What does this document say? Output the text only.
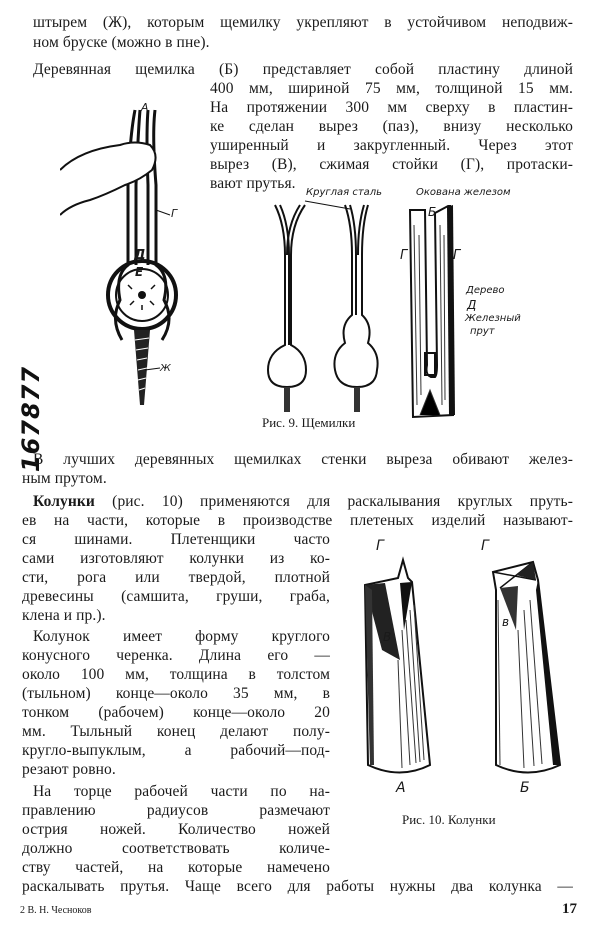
штырем (Ж), которым щемилку укрепляют в устойчивом неподвиж-
ном бруске (можно в пне).
Деревянная щемилка (Б) представляет собой пластину длиной
400 мм, шириной 75 мм, толщиной 15 мм.
На протяжении 300 мм сверху в пластин-
ке сделан вырез (паз), внизу несколько
уширенный и закругленный. Через этот
вырез (В), сжимая стойки (Г), протаски-
вают прутья.
А
Г
Д
Е
Ж
Круглая сталь	Окована железом
Б
Г	Г
Дерево
Д
Железный
прут
Рис. 9. Щемилки
167877
В лучших деревянных щемилках стенки выреза обивают желез-
ным прутом.
Колунки (рис. 10) применяются для раскалывания круглых пруть-
ев на части, которые в производстве плетеных изделий называют-
ся шинами. Плетенщики часто
сами изготовляют колунки из ко-
сти, рога или твердой, плотной
древесины (самшита, груши, граба,
клена и пр.).
Колунок имеет форму круглого
конусного черенка. Длина его —
около 100 мм, толщина в толстом
(тыльном) конце—около 35 мм, в
тонком (рабочем) конце—около 20
мм. Тыльный конец делают полу-
кругло-выпуклым, а рабочий—под-
резают ровно.
На торце рабочей части по на-
правлению радиусов размечают
острия ножей. Количество ножей
должно соответствовать количе-
ству частей, на которые намечено
раскалывать прутья. Чаще всего для работы нужны два колунка —
Г
В
А
Г
в
Б
Рис. 10. Колунки
2 В. Н. Чесноков	17
